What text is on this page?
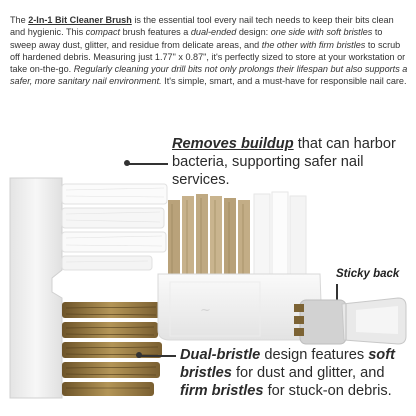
The 2-In-1 Bit Cleaner Brush is the essential tool every nail tech needs to keep their bits clean and hygienic. This compact brush features a dual-ended design: one side with soft bristles to sweep away dust, glitter, and residue from delicate areas, and the other with firm bristles to scrub off hardened debris. Measuring just 1.77" x 0.87", it's perfectly sized to store at your workstation or take on-the-go. Regularly cleaning your drill bits not only prolongs their lifespan but also supports a safer, more sanitary nail environment. It's simple, smart, and a must-have for responsible nail care.

Removes buildup that can harbor bacteria, supporting safer nail services.
~
Sticky back
Dual-bristle design features soft bristles for dust and glitter, and firm bristles for stuck-on debris.
